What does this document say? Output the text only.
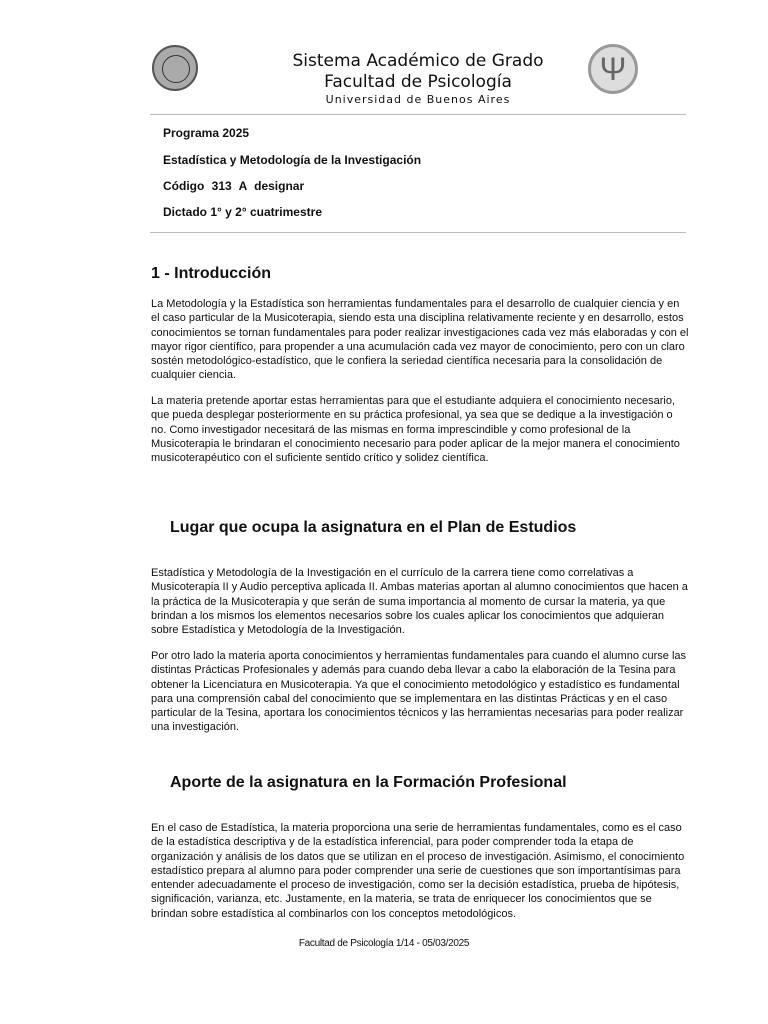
Sistema Académico de Grado
Facultad de Psicología
Universidad de Buenos Aires
Ψ
Programa 2025
Estadística y Metodología de la Investigación
Código 313 A designar
Dictado 1° y 2° cuatrimestre
1 - Introducción

La Metodología y la Estadística son herramientas fundamentales para el desarrollo de cualquier ciencia y en el caso particular de la Musicoterapia, siendo esta una disciplina relativamente reciente y en desarrollo, estos conocimientos se tornan fundamentales para poder realizar investigaciones cada vez más elaboradas y con el mayor rigor científico, para propender a una acumulación cada vez mayor de conocimiento, pero con un claro sostén metodológico-estadístico, que le confiera la seriedad científica necesaria para la consolidación de cualquier ciencia.

La materia pretende aportar estas herramientas para que el estudiante adquiera el conocimiento necesario, que pueda desplegar posteriormente en su práctica profesional, ya sea que se dedique a la investigación o no. Como investigador necesitará de las mismas en forma imprescindible y como profesional de la Musicoterapia le brindaran el conocimiento necesario para poder aplicar de la mejor manera el conocimiento musicoterapéutico con el suficiente sentido crítico y solidez científica.

Lugar que ocupa la asignatura en el Plan de Estudios

Estadística y Metodología de la Investigación en el currículo de la carrera tiene como correlativas a Musicoterapia II y Audio perceptiva aplicada II. Ambas materias aportan al alumno conocimientos que hacen a la práctica de la Musicoterapia y que serán de suma importancia al momento de cursar la materia, ya que brindan a los mismos los elementos necesarios sobre los cuales aplicar los conocimientos que adquieran sobre Estadística y Metodología de la Investigación.

Por otro lado la materia aporta conocimientos y herramientas fundamentales para cuando el alumno curse las distintas Prácticas Profesionales y además para cuando deba llevar a cabo la elaboración de la Tesina para obtener la Licenciatura en Musicoterapia. Ya que el conocimiento metodológico y estadístico es fundamental para una comprensión cabal del conocimiento que se implementara en las distintas Prácticas y en el caso particular de la Tesina, aportara los conocimientos técnicos y las herramientas necesarias para poder realizar una investigación.

Aporte de la asignatura en la Formación Profesional

En el caso de Estadística, la materia proporciona una serie de herramientas fundamentales, como es el caso de la estadística descriptiva y de la estadística inferencial, para poder comprender toda la etapa de organización y análisis de los datos que se utilizan en el proceso de investigación. Asimismo, el conocimiento estadístico prepara al alumno para poder comprender una serie de cuestiones que son importantísimas para entender adecuadamente el proceso de investigación, como ser la decisión estadística, prueba de hipótesis, significación, varianza, etc. Justamente, en la materia, se trata de enriquecer los conocimientos que se brindan sobre estadística al combinarlos con los conceptos metodológicos.

Facultad de Psicología 1/14 - 05/03/2025
